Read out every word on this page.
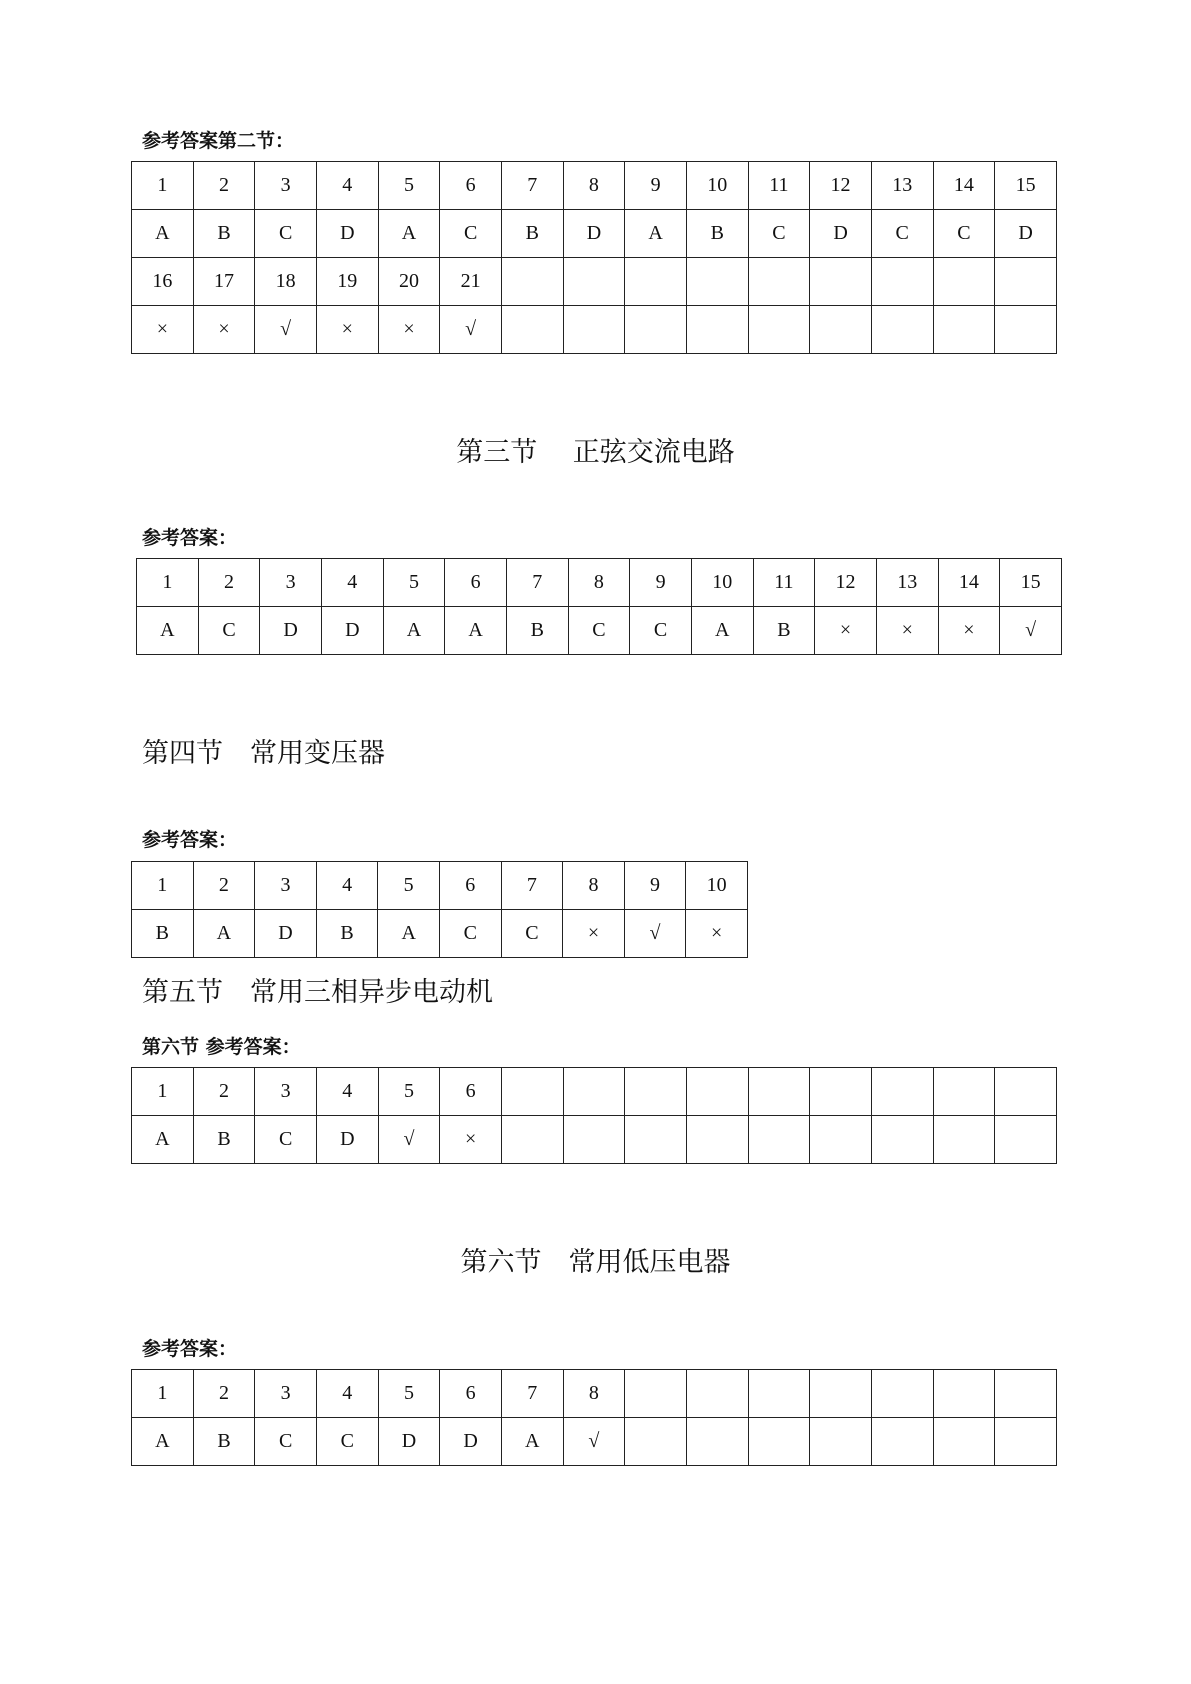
参考答案第二节：
1	2	3	4	5	6	7	8	9	10	11	12	13	14	15
A	B	C	D	A	C	B	D	A	B	C	D	C	C	D
16	17	18	19	20	21									
×	×	√	×	×	√									
第三节　 正弦交流电路
参考答案：
1	2	3	4	5	6	7	8	9	10	11	12	13	14	15
A	C	D	D	A	A	B	C	C	A	B	×	×	×	√
第四节　常用变压器
参考答案：
1	2	3	4	5	6	7	8	9	10
B	A	D	B	A	C	C	×	√	×
第五节　常用三相异步电动机
第六节 参考答案：
1	2	3	4	5	6									
A	B	C	D	√	×									
第六节　常用低压电器
参考答案：
1	2	3	4	5	6	7	8							
A	B	C	C	D	D	A	√							
